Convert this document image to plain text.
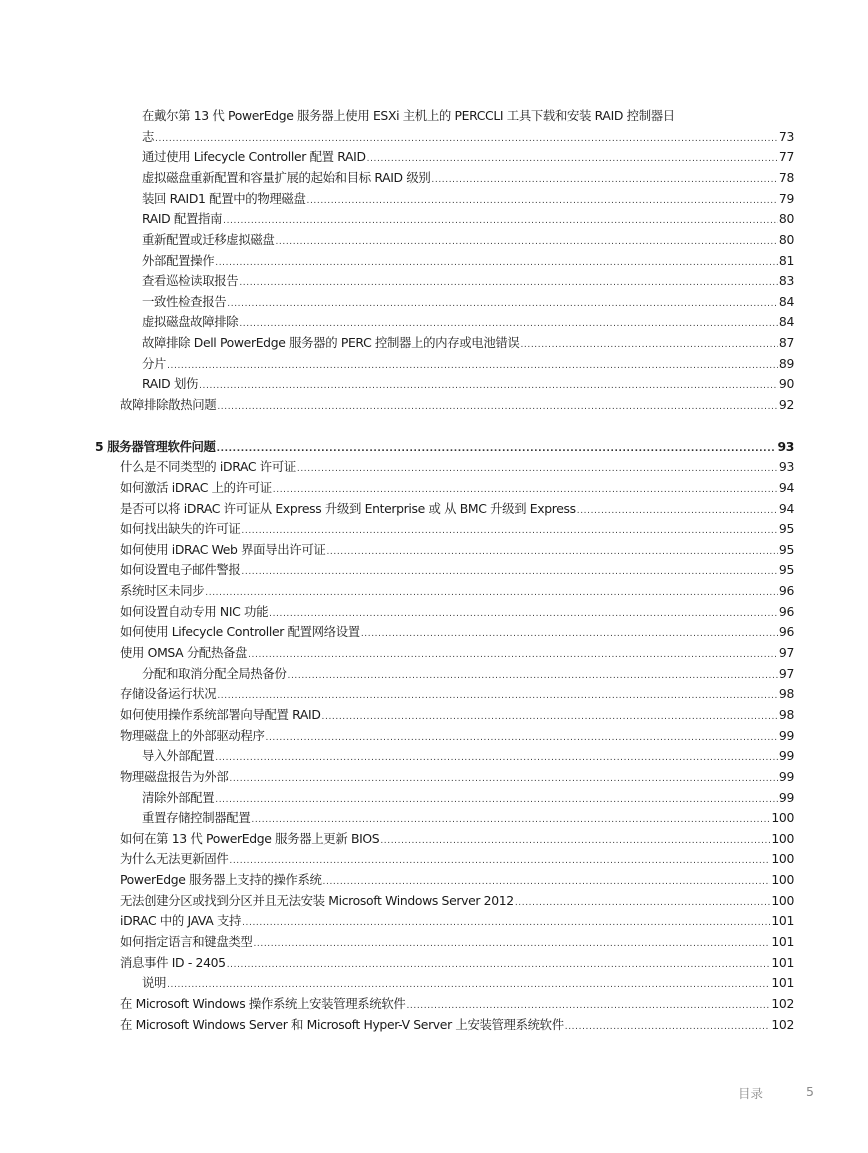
在戴尔第 13 代 PowerEdge 服务器上使用 ESXi 主机上的 PERCCLI 工具下载和安装 RAID 控制器日
志 .....	73
通过使用 Lifecycle Controller 配置 RAID .....	77
虚拟磁盘重新配置和容量扩展的起始和目标 RAID 级别 .....	78
装回 RAID1 配置中的物理磁盘 .....	79
RAID 配置指南 .....	80
重新配置或迁移虚拟磁盘 .....	80
外部配置操作 .....	81
查看巡检读取报告 .....	83
一致性检查报告 .....	84
虚拟磁盘故障排除 .....	84
故障排除 Dell PowerEdge 服务器的 PERC 控制器上的内存或电池错误 .....	87
分片 .....	89
RAID 划伤 .....	90
故障排除散热问题 .....	92
5 服务器管理软件问题 .....	93
什么是不同类型的 iDRAC 许可证 .....	93
如何激活 iDRAC 上的许可证 .....	94
是否可以将 iDRAC 许可证从 Express 升级到 Enterprise 或 从 BMC 升级到 Express .....	94
如何找出缺失的许可证 .....	95
如何使用 iDRAC Web 界面导出许可证 .....	95
如何设置电子邮件警报 .....	95
系统时区未同步 .....	96
如何设置自动专用 NIC 功能 .....	96
如何使用 Lifecycle Controller 配置网络设置 .....	96
使用 OMSA 分配热备盘 .....	97
分配和取消分配全局热备份 .....	97
存储设备运行状况 .....	98
如何使用操作系统部署向导配置 RAID .....	98
物理磁盘上的外部驱动程序 .....	99
导入外部配置 .....	99
物理磁盘报告为外部 .....	99
清除外部配置 .....	99
重置存储控制器配置 .....	100
如何在第 13 代 PowerEdge 服务器上更新 BIOS .....	100
为什么无法更新固件 .....	100
PowerEdge 服务器上支持的操作系统 .....	100
无法创建分区或找到分区并且无法安装 Microsoft Windows Server 2012 .....	100
iDRAC 中的 JAVA 支持 .....	101
如何指定语言和键盘类型 .....	101
消息事件 ID - 2405 .....	101
说明 .....	101
在 Microsoft Windows 操作系统上安装管理系统软件 .....	102
在 Microsoft Windows Server 和 Microsoft Hyper-V Server 上安装管理系统软件 .....	102
目录	5
